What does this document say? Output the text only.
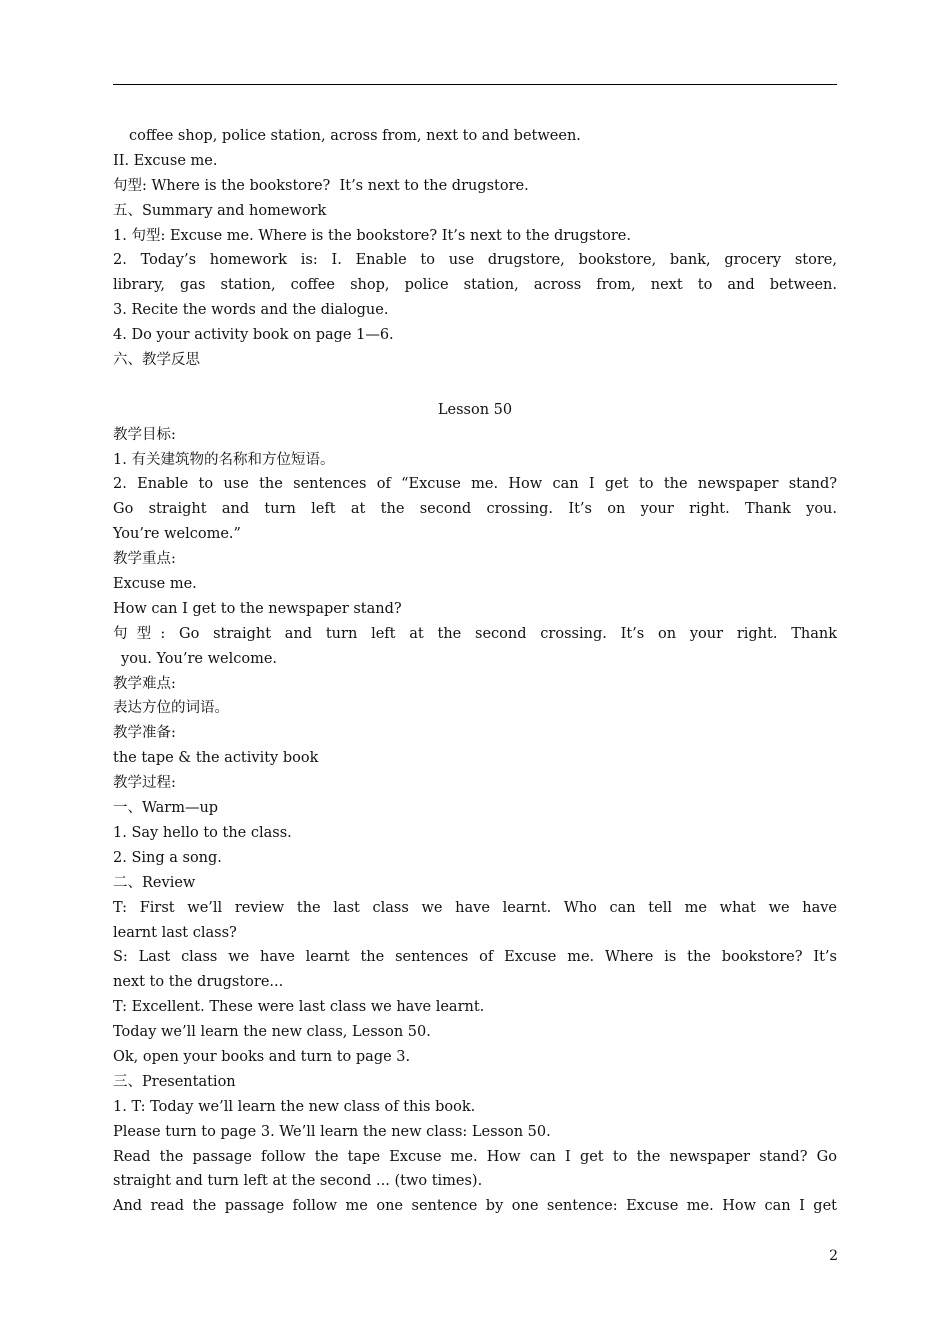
coffee shop, police station, across from, next to and between.
II. Excuse me.
句型: Where is the bookstore?  It’s next to the drugstore.
五、Summary and homework
1. 句型: Excuse me. Where is the bookstore? It’s next to the drugstore.
2. Today’s homework is: I. Enable to use drugstore, bookstore, bank, grocery store,
library, gas station, coffee shop, police station, across from, next to and between.
3. Recite the words and the dialogue.
4. Do your activity book on page 1—6.
六、教学反思
Lesson 50
教学目标:
1. 有关建筑物的名称和方位短语。
2. Enable to use the sentences of “Excuse me. How can I get to the newspaper stand?
Go straight and turn left at the second crossing. It’s on your right. Thank you.
You’re welcome.”
教学重点:
Excuse me.
How can I get to the newspaper stand?
句型: Go straight and turn left at the second crossing. It’s on your right. Thank
you. You’re welcome.
教学难点:
表达方位的词语。
教学准备:
the tape & the activity book
教学过程:
一、Warm—up
1. Say hello to the class.
2. Sing a song.
二、Review
T: First we’ll review the last class we have learnt. Who can tell me what we have
learnt last class?
S: Last class we have learnt the sentences of Excuse me. Where is the bookstore? It’s
next to the drugstore...
T: Excellent. These were last class we have learnt.
Today we’ll learn the new class, Lesson 50.
Ok, open your books and turn to page 3.
三、Presentation
1. T: Today we’ll learn the new class of this book.
Please turn to page 3. We’ll learn the new class: Lesson 50.
Read the passage follow the tape Excuse me. How can I get to the newspaper stand? Go
straight and turn left at the second ... (two times).
And read the passage follow me one sentence by one sentence: Excuse me. How can I get
2
